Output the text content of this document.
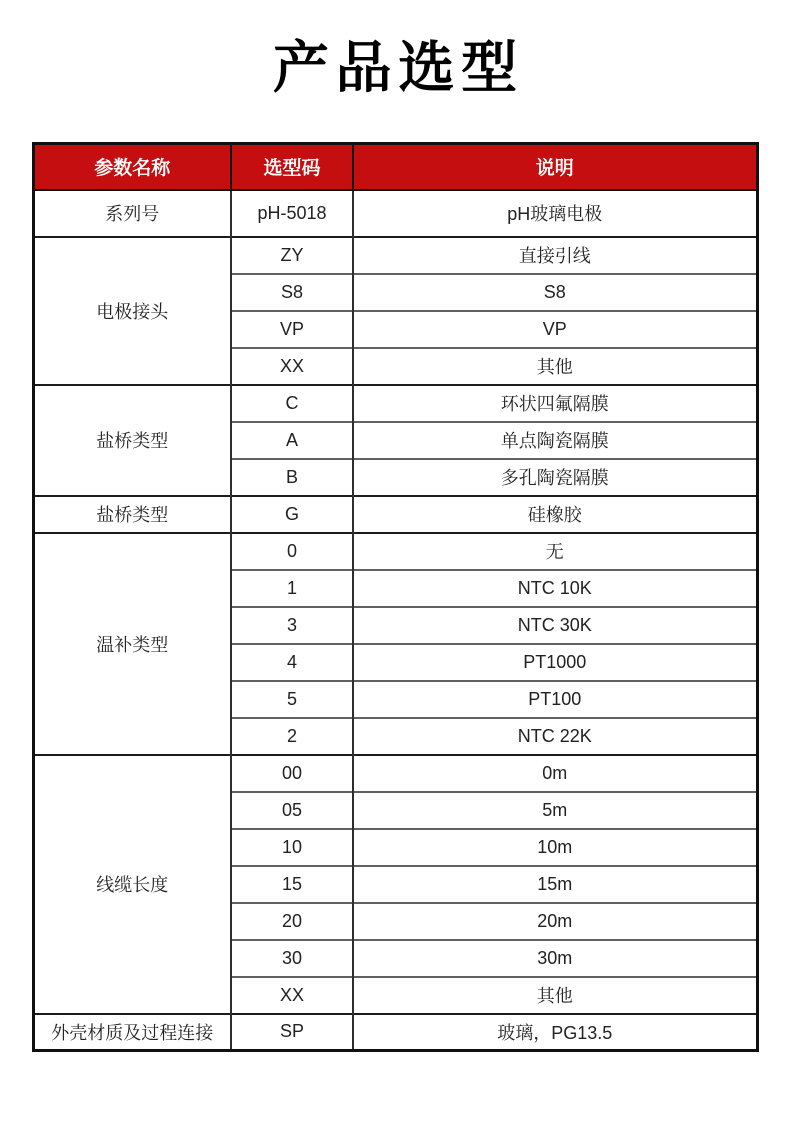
产品选型
参数名称	选型码	说明
系列号	pH-5018	pH玻璃电极
电极接头	ZY	直接引线
	S8	S8
	VP	VP
	XX	其他
盐桥类型	C	环状四氟隔膜
	A	单点陶瓷隔膜
	B	多孔陶瓷隔膜
盐桥类型	G	硅橡胶
温补类型	0	无
	1	NTC 10K
	3	NTC 30K
	4	PT1000
	5	PT100
	2	NTC 22K
线缆长度	00	0m
	05	5m
	10	10m
	15	15m
	20	20m
	30	30m
	XX	其他
外壳材质及过程连接	SP	玻璃，PG13.5
